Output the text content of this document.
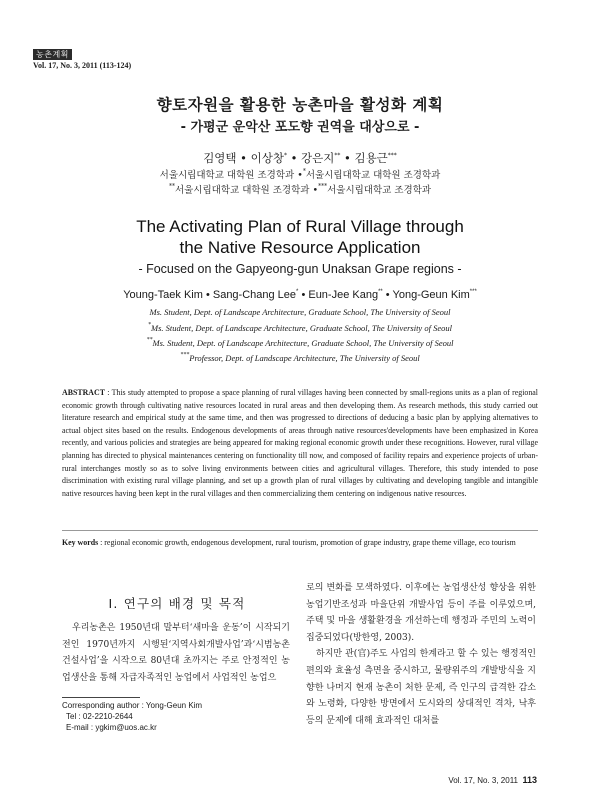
농촌계획
Vol. 17, No. 3, 2011 (113-124)
향토자원을 활용한 농촌마을 활성화 계획
- 가평군 운악산 포도향 권역을 대상으로 -
김영택 • 이상창* • 강은지** • 김용근***
서울시립대학교 대학원 조경학과 •*서울시립대학교 대학원 조경학과
**서울시립대학교 대학원 조경학과 •***서울시립대학교 조경학과
The Activating Plan of Rural Village through
the Native Resource Application
- Focused on the Gapyeong-gun Unaksan Grape regions -
Young-Taek Kim • Sang-Chang Lee* • Eun-Jee Kang** • Yong-Geun Kim***
Ms. Student, Dept. of Landscape Architecture, Graduate School, The University of Seoul
*Ms. Student, Dept. of Landscape Architecture, Graduate School, The University of Seoul
**Ms. Student, Dept. of Landscape Architecture, Graduate School, The University of Seoul
***Professor, Dept. of Landscape Architecture, The University of Seoul
ABSTRACT : This study attempted to propose a space planning of rural villages having been connected by small-regions units as a plan of regional economic growth through cultivating native resources located in rural areas and then developing them. As research methods, this study carried out literature research and empirical study at the same time, and then was progressed to directions of deducing a basic plan by applying alternatives to actual object sites based on the results. Endogenous developments of areas through native resources'developments have been emphasized in Korea recently, and various policies and strategies are being appeared for making regional economic growth under these recognitions. However, rural village planning has directed to physical maintenances centering on functionality till now, and composed of facility repairs and experience projects of urban-rural interchanges mostly so as to solve living environments between cities and agricultural villages. Therefore, this study intended to pose discrimination with existing rural village planning, and set up a growth plan of rural villages by cultivating and developing tangible and intangible native resources having been kept in the rural villages and then commercializing them centering on indigenous native resources.
Key words : regional economic growth, endogenous development, rural tourism, promotion of grape industry, grape theme village, eco tourism
Ⅰ. 연구의 배경 및 목적
우리농촌은 1950년대 말부터‘새마을 운동’이 시작되기 전인 1970년까지 시행된‘지역사회개발사업’과‘시범농촌건설사업’을 시작으로 80년대 초까지는 주로 안정적인 농업생산을 통해 자급자족적인 농업에서 사업적인 농업으

로의 변화를 모색하였다. 이후에는 농업생산성 향상을 위한 농업기반조성과 마을단위 개발사업 등이 주를 이루었으며, 주택 및 마을 생활환경을 개선하는데 행정과 주민의 노력이 집중되었다(방한영, 2003).

하지만 관(官)주도 사업의 한계라고 할 수 있는 행정적인 편의와 효율성 측면을 중시하고, 물량위주의 개발방식을 지향한 나머지 현재 농촌이 처한 문제, 즉 인구의 급격한 감소와 노령화, 다양한 방면에서 도시와의 상대적인 격차, 낙후 등의 문제에 대해 효과적인 대처를

Corresponding author : Yong-Geun Kim
Tel : 02-2210-2644
E-mail : ygkim@uos.ac.kr
Vol. 17, No. 3, 2011 113
